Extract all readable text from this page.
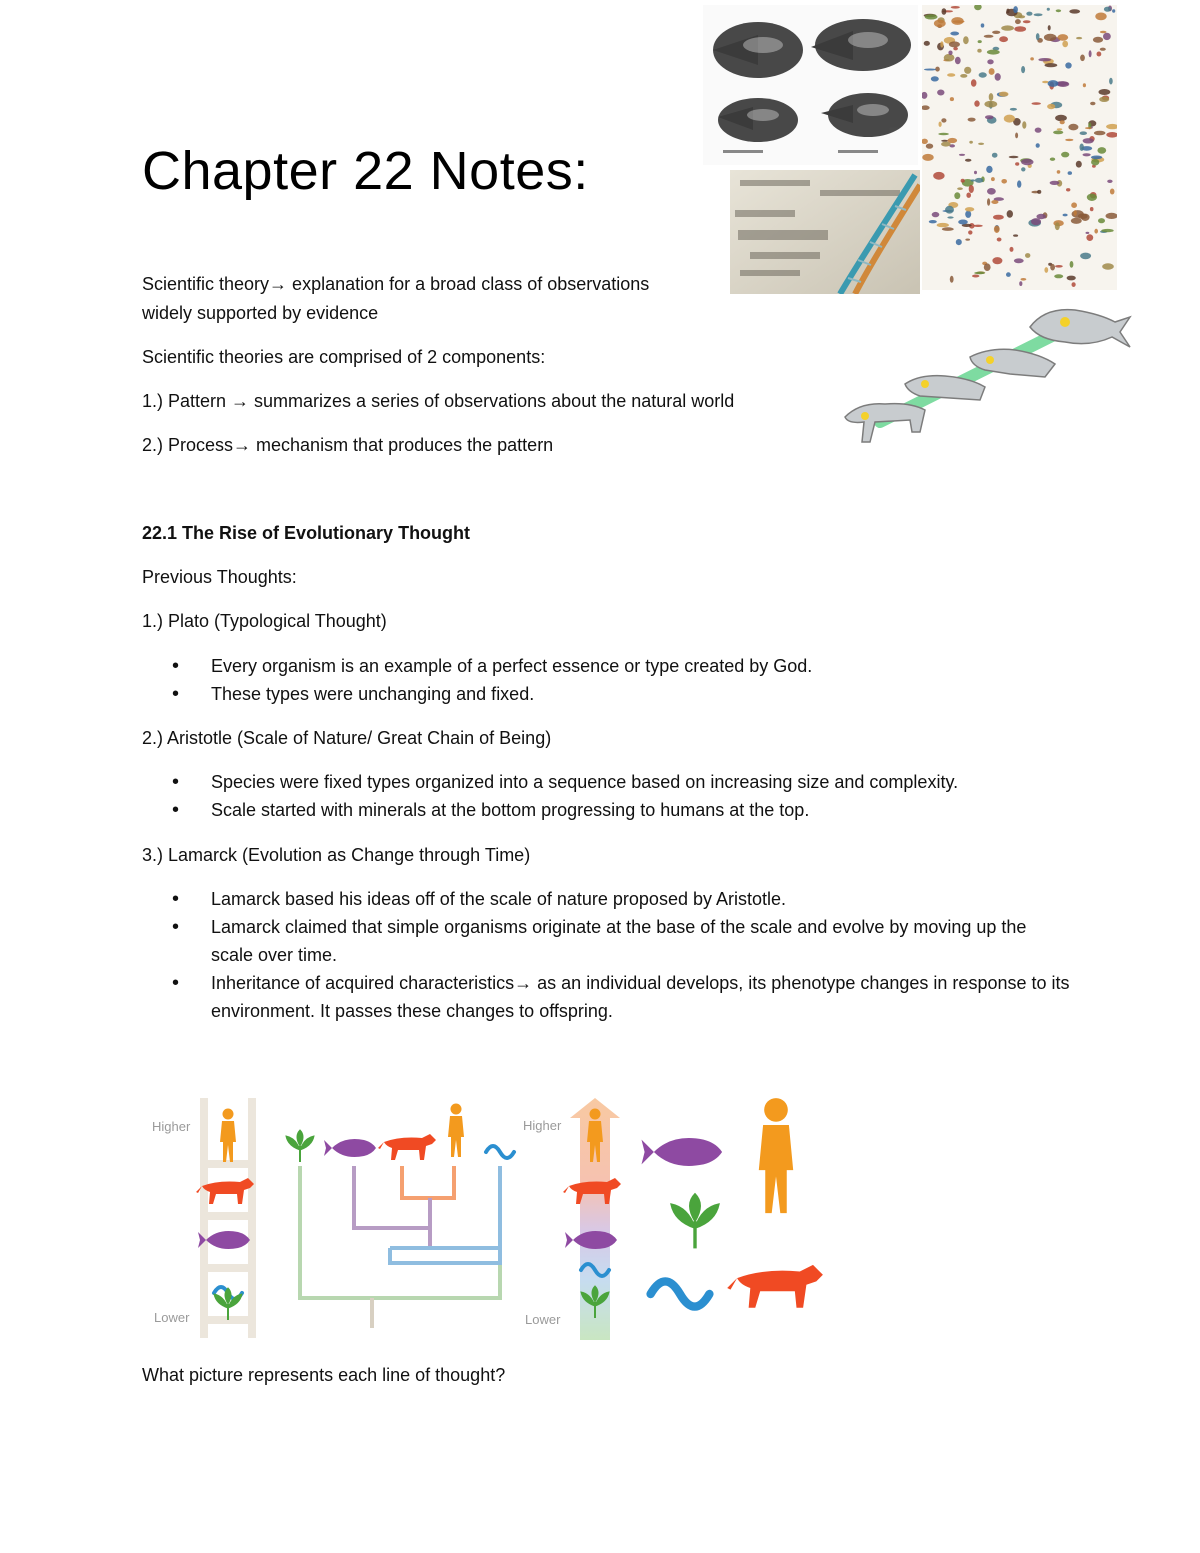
Chapter 22 Notes:
Scientific theory→ explanation for a broad class of observations
widely supported by evidence
Scientific theories are comprised of 2 components:
1.) Pattern → summarizes a series of observations about the natural world
2.) Process→ mechanism that produces the pattern
22.1 The Rise of Evolutionary Thought
Previous Thoughts:
1.) Plato (Typological Thought)
• Every organism is an example of a perfect essence or type created by God.
• These types were unchanging and fixed.
2.) Aristotle (Scale of Nature/ Great Chain of Being)
• Species were fixed types organized into a sequence based on increasing size and complexity.
• Scale started with minerals at the bottom progressing to humans at the top.
3.) Lamarck (Evolution as Change through Time)
• Lamarck based his ideas off of the scale of nature proposed by Aristotle.
• Lamarck claimed that simple organisms originate at the base of the scale and evolve by moving up the scale over time.
• Inheritance of acquired characteristics→ as an individual develops, its phenotype changes in response to its environment. It passes these changes to offspring.
Higher
Lower
Higher
Lower
What picture represents each line of thought?
